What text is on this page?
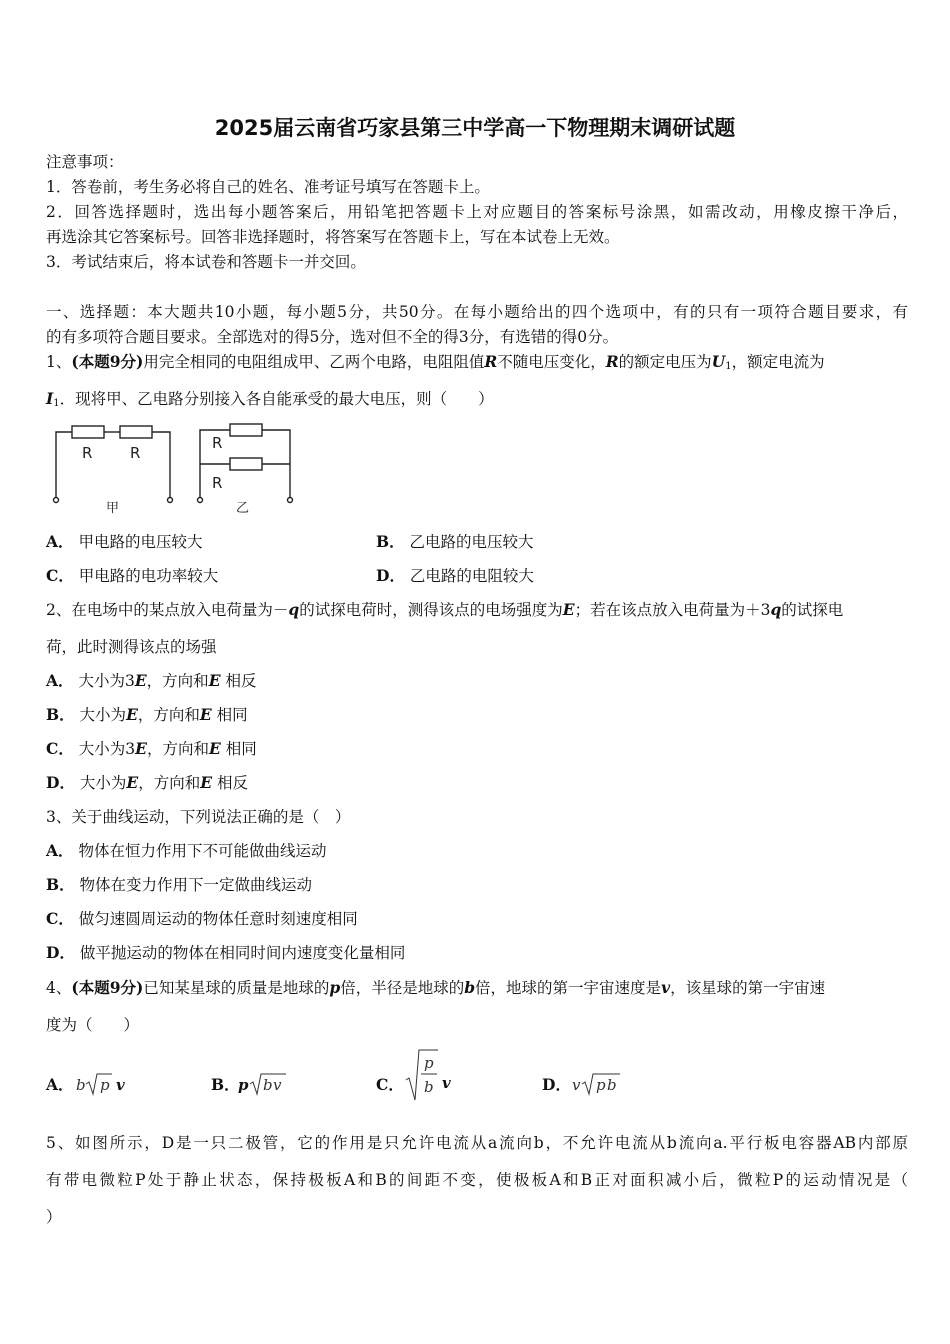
2025届云南省巧家县第三中学高一下物理期末调研试题
注意事项：
1．答卷前，考生务必将自己的姓名、准考证号填写在答题卡上。
2．回答选择题时，选出每小题答案后，用铅笔把答题卡上对应题目的答案标号涂黑，如需改动，用橡皮擦干净后，
再选涂其它答案标号。回答非选择题时，将答案写在答题卡上，写在本试卷上无效。
3．考试结束后，将本试卷和答题卡一并交回。
一、选择题：本大题共10小题，每小题5分，共50分。在每小题给出的四个选项中，有的只有一项符合题目要求，有
的有多项符合题目要求。全部选对的得5分，选对但不全的得3分，有选错的得0分。
1、(本题9分)用完全相同的电阻组成甲、乙两个电路，电阻阻值R不随电压变化，R的额定电压为$U_1$，额定电流为
$I_1$．现将甲、乙电路分别接入各自能承受的最大电压，则（　　）
R	R
R
R
甲	乙
A． 甲电路的电压较大	B． 乙电路的电压较大
C． 甲电路的电功率较大	D． 乙电路的电阻较大
2、在电场中的某点放入电荷量为－q的试探电荷时，测得该点的电场强度为E；若在该点放入电荷量为＋3q的试探电
荷，此时测得该点的场强
A． 大小为3E，方向和E 相反
B． 大小为E，方向和E 相同
C． 大小为3E，方向和E 相同
D． 大小为E，方向和E 相反
3、关于曲线运动，下列说法正确的是（　）
A． 物体在恒力作用下不可能做曲线运动
B． 物体在变力作用下一定做曲线运动
C． 做匀速圆周运动的物体任意时刻速度相同
D． 做平抛运动的物体在相同时间内速度变化量相同
4、(本题9分)已知某星球的质量是地球的p倍，半径是地球的b倍，地球的第一宇宙速度是v，该星球的第一宇宙速
度为（　　）
A． b p v	B．
p b v	C．
p
b v	D． v p b
5、如图所示，D是一只二极管，它的作用是只允许电流从a流向b，不允许电流从b流向a.平行板电容器AB内部原
有带电微粒P处于静止状态，保持极板A和B的间距不变，使极板A和B正对面积减小后，微粒P的运动情况是（
）
